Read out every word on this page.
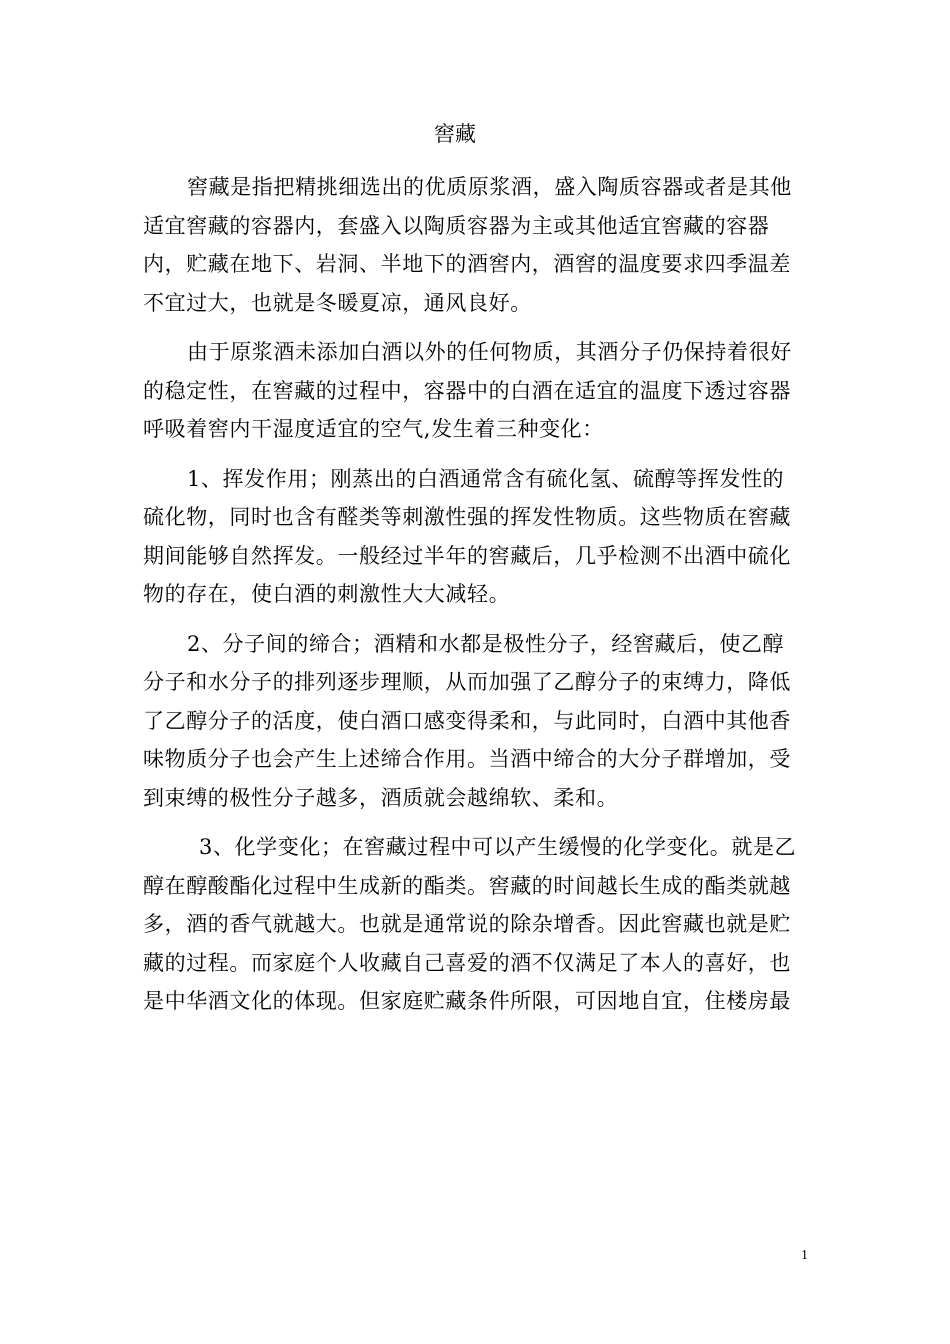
窖藏
窖藏是指把精挑细选出的优质原浆酒，盛入陶质容器或者是其他
适宜窖藏的容器内，套盛入以陶质容器为主或其他适宜窖藏的容器
内，贮藏在地下、岩洞、半地下的酒窖内，酒窖的温度要求四季温差
不宜过大，也就是冬暖夏凉，通风良好。
由于原浆酒未添加白酒以外的任何物质，其酒分子仍保持着很好
的稳定性，在窖藏的过程中，容器中的白酒在适宜的温度下透过容器
呼吸着窖内干湿度适宜的空气,发生着三种变化：
1、挥发作用；刚蒸出的白酒通常含有硫化氢、硫醇等挥发性的
硫化物，同时也含有醛类等刺激性强的挥发性物质。这些物质在窖藏
期间能够自然挥发。一般经过半年的窖藏后，几乎检测不出酒中硫化
物的存在，使白酒的刺激性大大减轻。
2、分子间的缔合；酒精和水都是极性分子，经窖藏后，使乙醇
分子和水分子的排列逐步理顺，从而加强了乙醇分子的束缚力，降低
了乙醇分子的活度，使白酒口感变得柔和，与此同时，白酒中其他香
味物质分子也会产生上述缔合作用。当酒中缔合的大分子群增加，受
到束缚的极性分子越多，酒质就会越绵软、柔和。
3、化学变化；在窖藏过程中可以产生缓慢的化学变化。就是乙
醇在醇酸酯化过程中生成新的酯类。窖藏的时间越长生成的酯类就越
多，酒的香气就越大。也就是通常说的除杂增香。因此窖藏也就是贮
藏的过程。而家庭个人收藏自己喜爱的酒不仅满足了本人的喜好，也
是中华酒文化的体现。但家庭贮藏条件所限，可因地自宜，住楼房最
1
